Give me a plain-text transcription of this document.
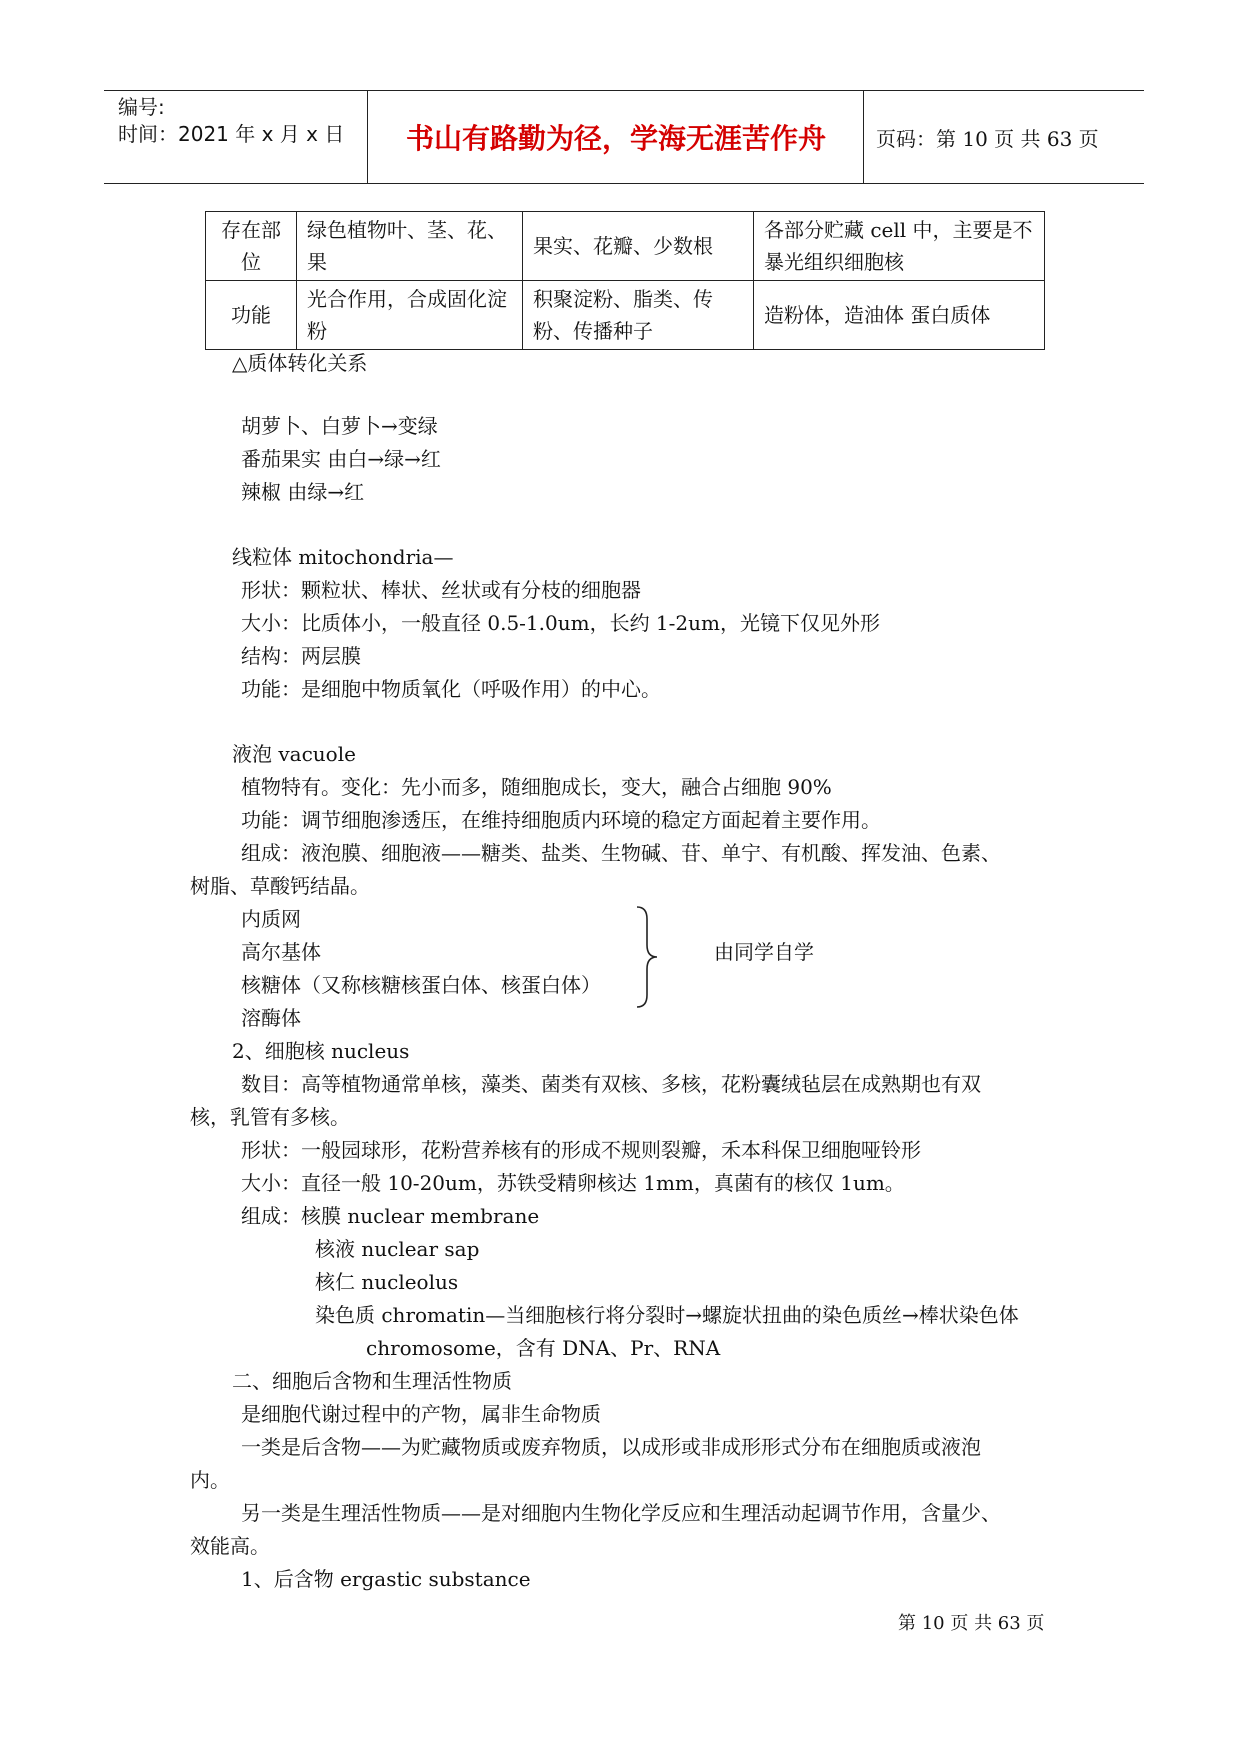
编号:
时间：2021 年 x 月 x 日	书山有路勤为径，学海无涯苦作舟	页码：第 10 页 共 63 页
存在部位	绿色植物叶、茎、花、果	果实、花瓣、少数根	各部分贮藏 cell 中，主要是不暴光组织细胞核
功能	光合作用，合成固化淀粉	积聚淀粉、脂类、传粉、传播种子	造粉体，造油体 蛋白质体
△质体转化关系
胡萝卜、白萝卜→变绿
番茄果实 由白→绿→红
辣椒 由绿→红
线粒体 mitochondria—
形状：颗粒状、棒状、丝状或有分枝的细胞器
大小：比质体小，一般直径 0.5-1.0um，长约 1-2um，光镜下仅见外形
结构：两层膜
功能：是细胞中物质氧化（呼吸作用）的中心。
液泡 vacuole
植物特有。变化：先小而多，随细胞成长，变大，融合占细胞 90%
功能：调节细胞渗透压，在维持细胞质内环境的稳定方面起着主要作用。
组成：液泡膜、细胞液——糖类、盐类、生物碱、苷、单宁、有机酸、挥发油、色素、
树脂、草酸钙结晶。
内质网
高尔基体
核糖体（又称核糖核蛋白体、核蛋白体）
溶酶体
由同学自学
2、细胞核 nucleus
数目：高等植物通常单核，藻类、菌类有双核、多核，花粉囊绒毡层在成熟期也有双
核，乳管有多核。
形状：一般园球形，花粉营养核有的形成不规则裂瓣，禾本科保卫细胞哑铃形
大小：直径一般 10-20um，苏铁受精卵核达 1mm，真菌有的核仅 1um。
组成：核膜 nuclear membrane
核液 nuclear sap
核仁 nucleolus
染色质 chromatin—当细胞核行将分裂时→螺旋状扭曲的染色质丝→棒状染色体
chromosome，含有 DNA、Pr、RNA
二、细胞后含物和生理活性物质
是细胞代谢过程中的产物，属非生命物质
一类是后含物——为贮藏物质或废弃物质，以成形或非成形形式分布在细胞质或液泡
内。
另一类是生理活性物质——是对细胞内生物化学反应和生理活动起调节作用，含量少、
效能高。
1、后含物 ergastic substance
第 10 页 共 63 页
